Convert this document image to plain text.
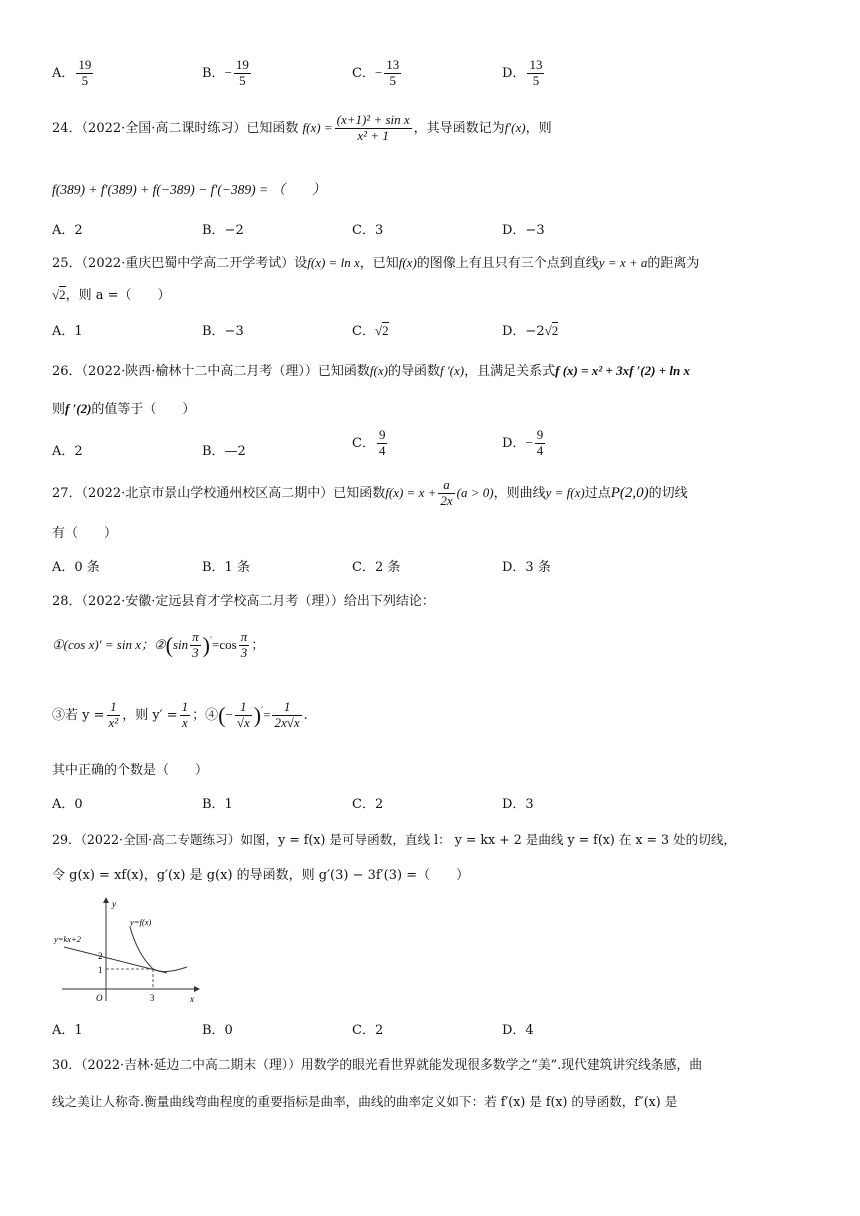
A． $\frac{19}{5}$	B．− $\frac{19}{5}$	C．− $\frac{13}{5}$	D． $\frac{13}{5}$
24．（2022·全国·高二课时练习）已知函数 $f(x) = \frac{\text{(x+1)² + sin x}}{\text{x² + 1}}$ ，其导函数记为f′(x)，则
f(389) + f′(389) + f(−389) − f′(−389) = （　　）
A．2	B．−2	C．3	D．−3
25．（2022·重庆巴蜀中学高二开学考试）设f(x) = ln x，已知f(x)的图像上有且只有三个点到直线y = x + a的距离为
√2，则 a =（　　）
A．1	B．−3	C．√2	D．−2√2
26．（2022·陕西·榆林十二中高二月考（理））已知函数f(x)的导函数f ′(x)，且满足关系式f (x) = x² + 3xf ′(2) + ln x
则f ′(2)的值等于（　　）
A．2	B．—2
C． $\frac{9}{4}$	D．− $\frac{9}{4}$
27．（2022·北京市景山学校通州校区高二期中）已知函数$f(x) = x + \frac{a}{2x} (a > 0)$，则曲线y = f(x)过点P(2,0)的切线
有（　　）
A．0 条	B．1 条	C．2 条	D．3 条
28．（2022·安徽·定远县育才学校高二月考（理））给出下列结论：
①(cos x)′ = sin x；②(sin $\frac{\pi}{3} )'=\cos \frac{\pi}{3}$ ；
③若 $y = \frac{1}{\text{x²}}$ ，则 $y' = \frac{1}{x}$ ；④(− $\frac{1}{√x} )'= \frac{1}{2x√x}$ .
其中正确的个数是（　　）
A．0	B．1	C．2	D．3
29．（2022·全国·高二专题练习）如图，y = f(x) 是可导函数，直线 l： y = kx + 2 是曲线 y = f(x) 在 x = 3 处的切线，
令 g(x) = xf(x)，g′(x) 是 g(x) 的导函数，则 g′(3) − 3f′(3) =（　　）
y
x
O
y=f(x)
y=kx+2
2
1
3
A．1	B．0	C．2	D．4
30．（2022·吉林·延边二中高二期末（理））用数学的眼光看世界就能发现很多数学之“美”.现代建筑讲究线条感，曲
线之美让人称奇.衡量曲线弯曲程度的重要指标是曲率，曲线的曲率定义如下：若 f′(x) 是 f(x) 的导函数，f″(x) 是
